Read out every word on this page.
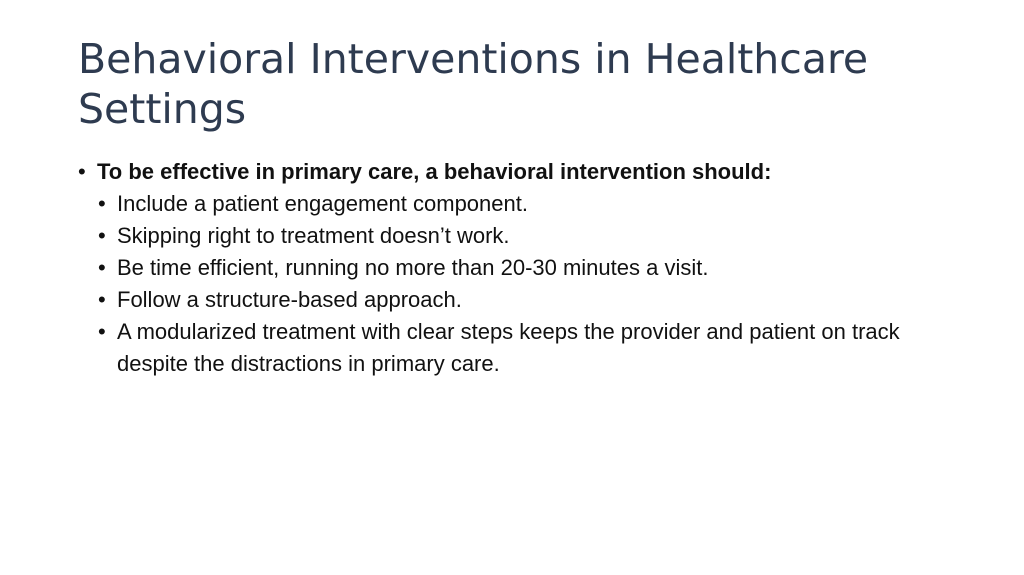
Behavioral Interventions in Healthcare Settings
• To be effective in primary care, a behavioral intervention should:
• Include a patient engagement component.
• Skipping right to treatment doesn’t work.
• Be time efficient, running no more than 20-30 minutes a visit.
• Follow a structure-based approach.
• A modularized treatment with clear steps keeps the provider and patient on track despite the distractions in primary care.
